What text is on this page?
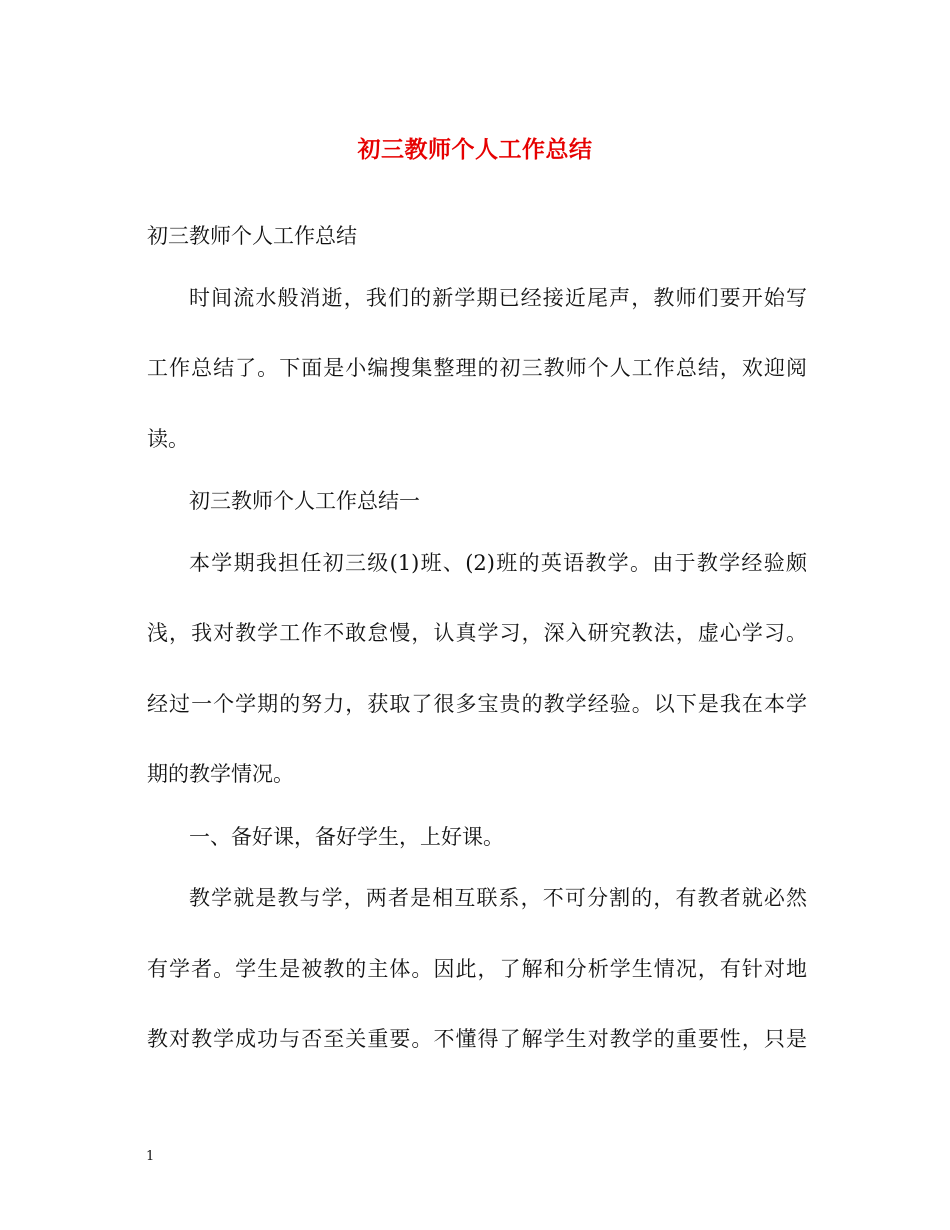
初三教师个人工作总结
初三教师个人工作总结
时间流水般消逝，我们的新学期已经接近尾声，教师们要开始写
工作总结了。下面是小编搜集整理的初三教师个人工作总结，欢迎阅
读。
初三教师个人工作总结一
本学期我担任初三级(1)班、(2)班的英语教学。由于教学经验颇
浅，我对教学工作不敢怠慢，认真学习，深入研究教法，虚心学习。
经过一个学期的努力，获取了很多宝贵的教学经验。以下是我在本学
期的教学情况。
一、备好课，备好学生，上好课。
教学就是教与学，两者是相互联系，不可分割的，有教者就必然
有学者。学生是被教的主体。因此，了解和分析学生情况，有针对地
教对教学成功与否至关重要。不懂得了解学生对教学的重要性，只是
1
